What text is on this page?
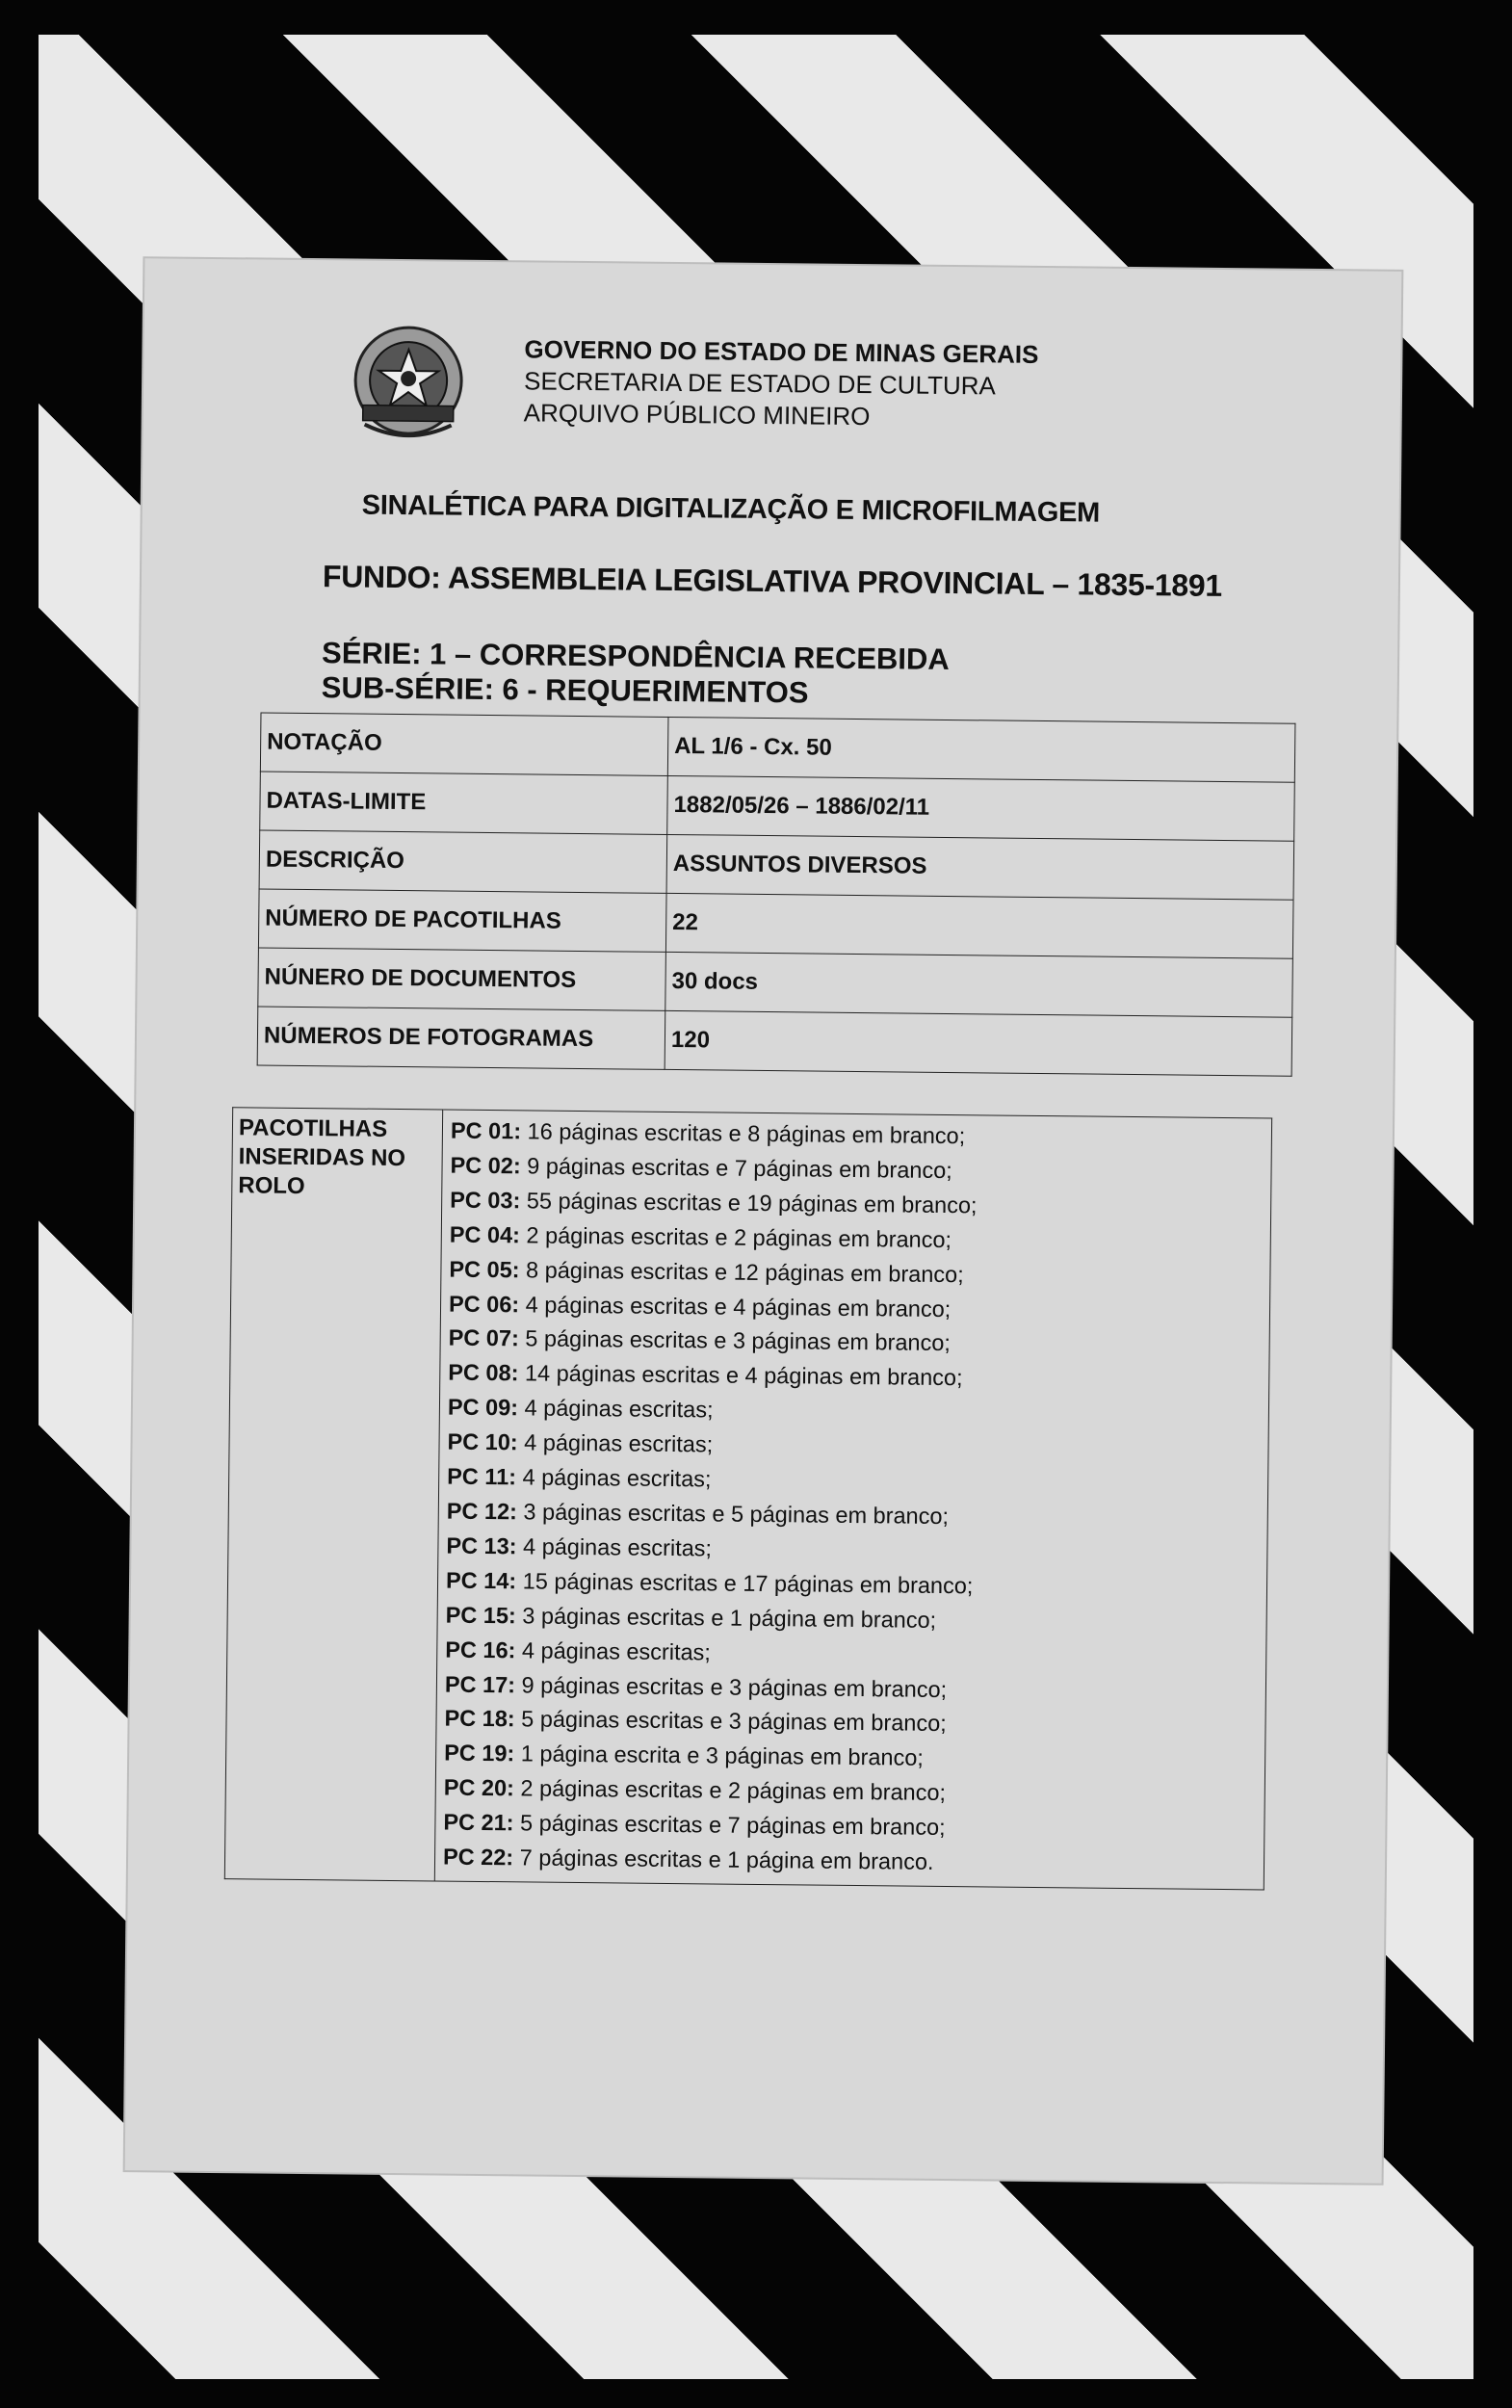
GOVERNO DO ESTADO DE MINAS GERAIS
SECRETARIA DE ESTADO DE CULTURA
ARQUIVO PÚBLICO MINEIRO
SINALÉTICA PARA DIGITALIZAÇÃO E MICROFILMAGEM
FUNDO: ASSEMBLEIA LEGISLATIVA PROVINCIAL – 1835-1891
SÉRIE: 1 – CORRESPONDÊNCIA RECEBIDA
SUB-SÉRIE: 6 - REQUERIMENTOS
NOTAÇÃO	AL 1/6 - Cx. 50
DATAS-LIMITE	1882/05/26 – 1886/02/11
DESCRIÇÃO	ASSUNTOS DIVERSOS
NÚMERO DE PACOTILHAS	22
NÚNERO DE DOCUMENTOS	30 docs
NÚMEROS DE FOTOGRAMAS	120
PACOTILHAS INSERIDAS NO ROLO	
PC 01: 16 páginas escritas e 8 páginas em branco;
PC 02: 9 páginas escritas e 7 páginas em branco;
PC 03: 55 páginas escritas e 19 páginas em branco;
PC 04: 2 páginas escritas e 2 páginas em branco;
PC 05: 8 páginas escritas e 12 páginas em branco;
PC 06: 4 páginas escritas e 4 páginas em branco;
PC 07: 5 páginas escritas e 3 páginas em branco;
PC 08: 14 páginas escritas e 4 páginas em branco;
PC 09: 4 páginas escritas;
PC 10: 4 páginas escritas;
PC 11: 4 páginas escritas;
PC 12: 3 páginas escritas e 5 páginas em branco;
PC 13: 4 páginas escritas;
PC 14: 15 páginas escritas e 17 páginas em branco;
PC 15: 3 páginas escritas e 1 página em branco;
PC 16: 4 páginas escritas;
PC 17: 9 páginas escritas e 3 páginas em branco;
PC 18: 5 páginas escritas e 3 páginas em branco;
PC 19: 1 página escrita e 3 páginas em branco;
PC 20: 2 páginas escritas e 2 páginas em branco;
PC 21: 5 páginas escritas e 7 páginas em branco;
PC 22: 7 páginas escritas e 1 página em branco.
